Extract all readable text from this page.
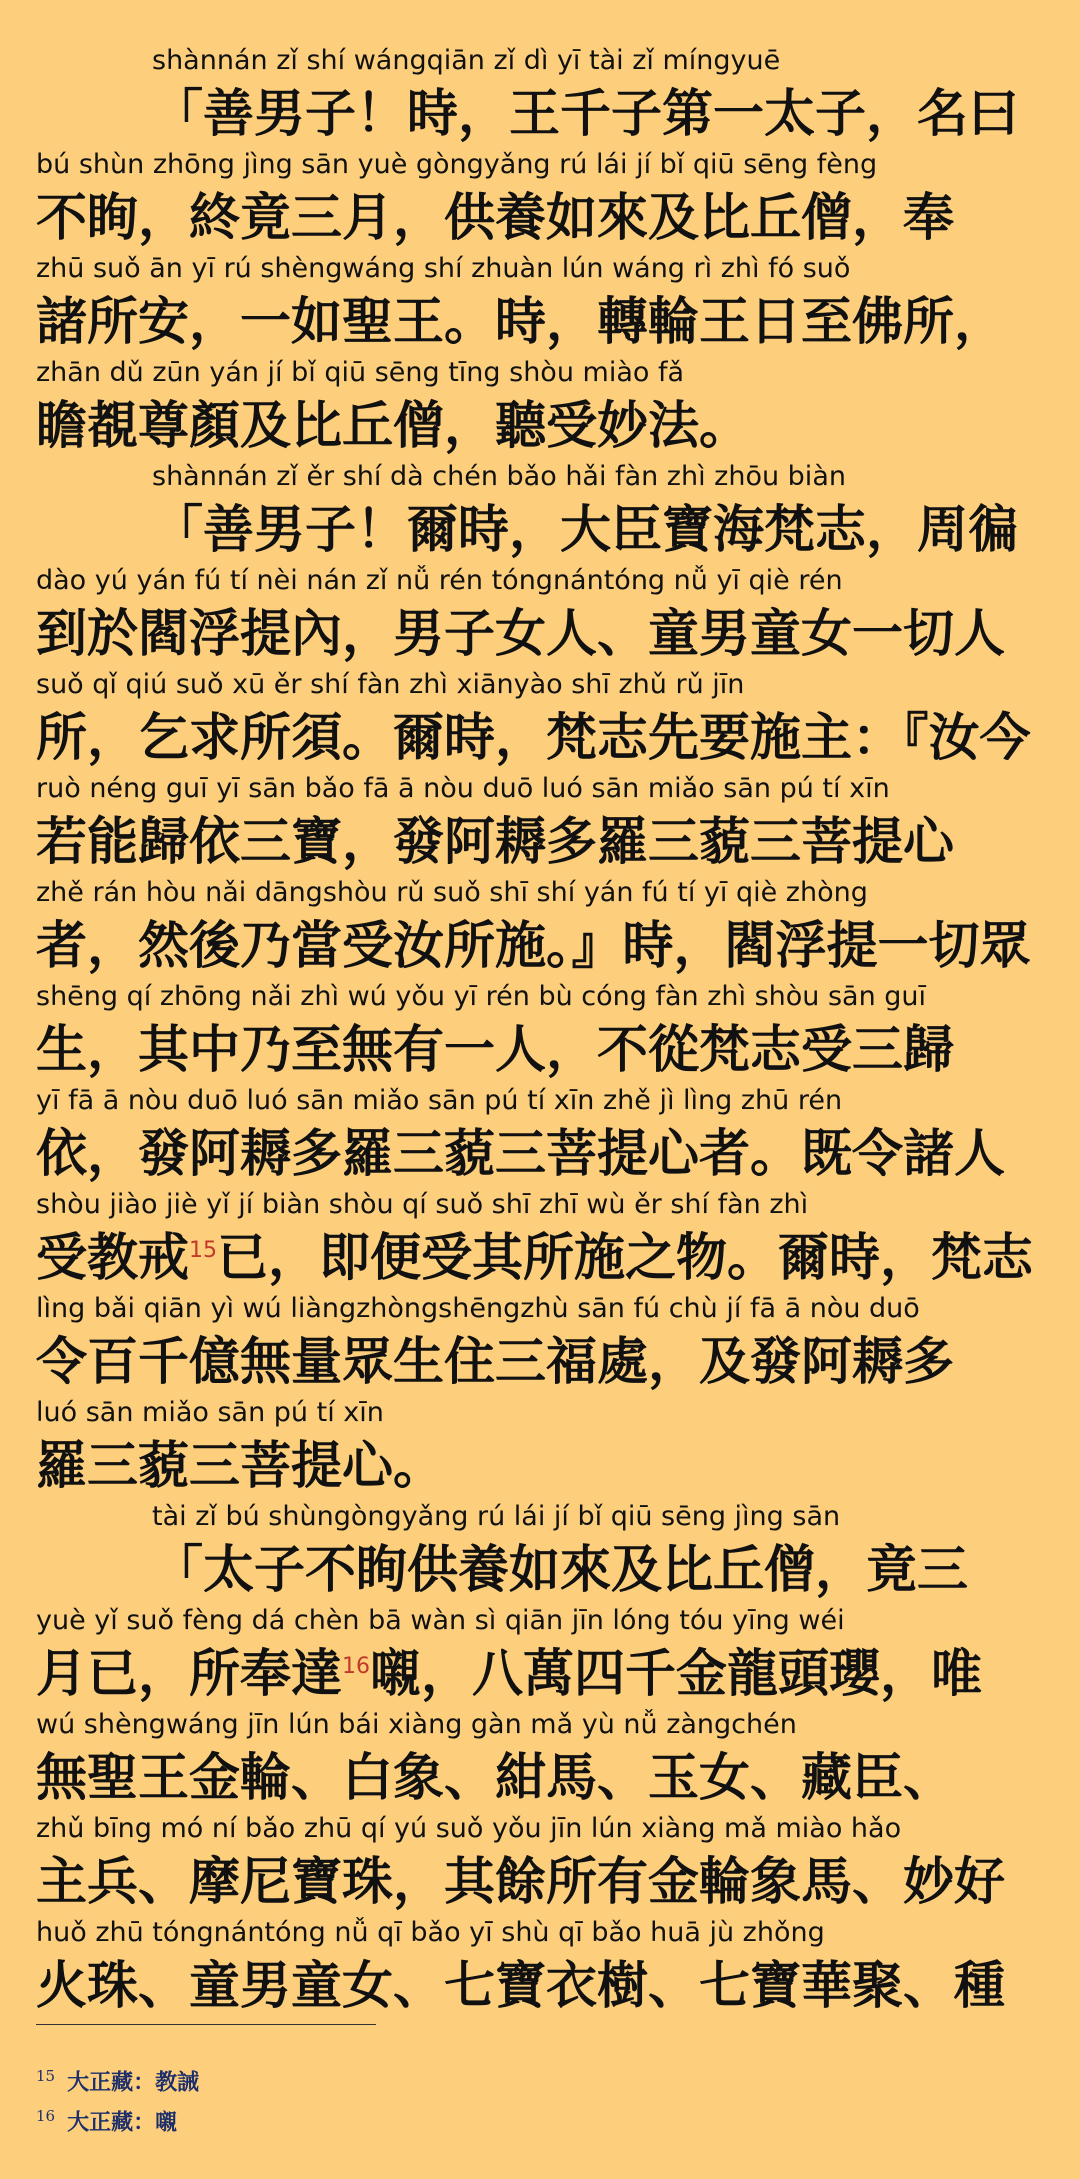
shànnán zǐ shí wángqiān zǐ dì yī tài zǐ míngyuē
「善男子！時，王千子第一太子，名曰
bú shùn zhōng jìng sān yuè gòngyǎng rú lái jí bǐ qiū sēng fèng
不眴，終竟三月，供養如來及比丘僧，奉
zhū suǒ ān yī rú shèngwáng shí zhuàn lún wáng rì zhì fó suǒ
諸所安，一如聖王。時，轉輪王日至佛所，
zhān dǔ zūn yán jí bǐ qiū sēng tīng shòu miào fǎ
瞻覩尊顏及比丘僧，聽受妙法。
shànnán zǐ ěr shí dà chén bǎo hǎi fàn zhì zhōu biàn
「善男子！爾時，大臣寶海梵志，周徧
dào yú yán fú tí nèi nán zǐ nǚ rén tóngnántóng nǚ yī qiè rén
到於閻浮提內，男子女人、童男童女一切人
suǒ qǐ qiú suǒ xū ěr shí fàn zhì xiānyào shī zhǔ rǔ jīn
所，乞求所須。爾時，梵志先要施主：『汝今
ruò néng guī yī sān bǎo fā ā nòu duō luó sān miǎo sān pú tí xīn
若能歸依三寶，發阿耨多羅三藐三菩提心
zhě rán hòu nǎi dāngshòu rǔ suǒ shī shí yán fú tí yī qiè zhòng
者，然後乃當受汝所施。』時，閻浮提一切眾
shēng qí zhōng nǎi zhì wú yǒu yī rén bù cóng fàn zhì shòu sān guī
生，其中乃至無有一人，不從梵志受三歸
yī fā ā nòu duō luó sān miǎo sān pú tí xīn zhě jì lìng zhū rén
依，發阿耨多羅三藐三菩提心者。既令諸人
shòu jiào jiè yǐ jí biàn shòu qí suǒ shī zhī wù ěr shí fàn zhì
受教戒$^{15}$已，即便受其所施之物。爾時，梵志
lìng bǎi qiān yì wú liàngzhòngshēngzhù sān fú chù jí fā ā nòu duō
令百千億無量眾生住三福處，及發阿耨多
luó sān miǎo sān pú tí xīn
羅三藐三菩提心。
tài zǐ bú shùngòngyǎng rú lái jí bǐ qiū sēng jìng sān
「太子不眴供養如來及比丘僧，竟三
yuè yǐ suǒ fèng dá chèn bā wàn sì qiān jīn lóng tóu yīng wéi
月已，所奉達$^{16}$嚫，八萬四千金龍頭瓔，唯
wú shèngwáng jīn lún bái xiàng gàn mǎ yù nǚ zàngchén
無聖王金輪、白象、紺馬、玉女、藏臣、
zhǔ bīng mó ní bǎo zhū qí yú suǒ yǒu jīn lún xiàng mǎ miào hǎo
主兵、摩尼寶珠，其餘所有金輪象馬、妙好
huǒ zhū tóngnántóng nǚ qī bǎo yī shù qī bǎo huā jù zhǒng
火珠、童男童女、七寶衣樹、七寶華聚、種
$^{15}$ 大正藏：教誡
$^{16}$ 大正藏：嚫
